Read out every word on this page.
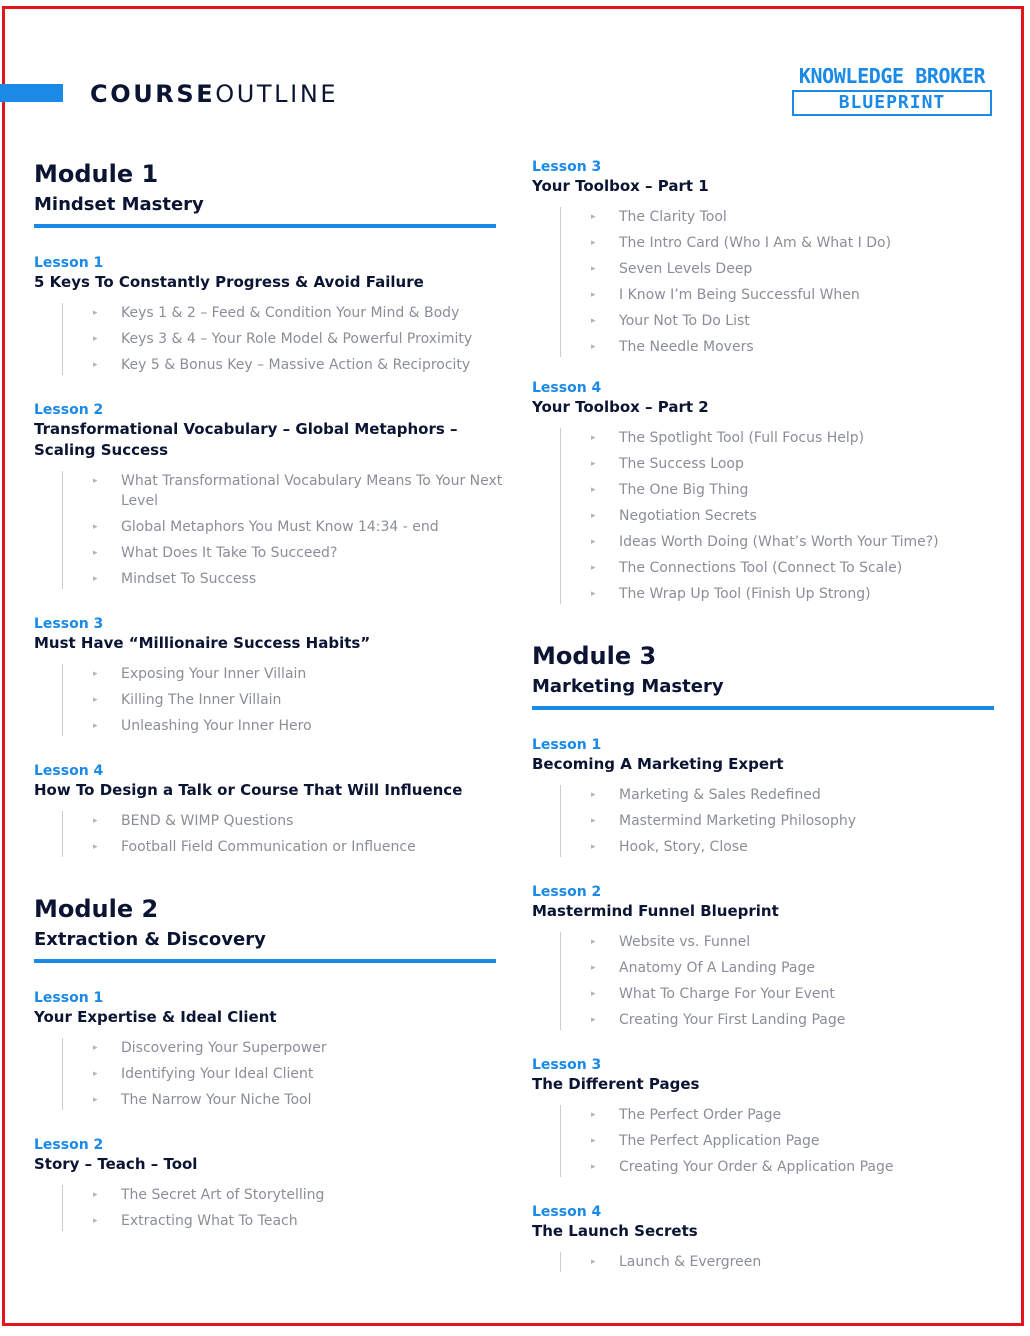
COURSEOUTLINE
KNOWLEDGE BROKER
BLUEPRINT
Module 1
Mindset Mastery
Lesson 1
5 Keys To Constantly Progress & Avoid Failure
▸ Keys 1 & 2 – Feed & Condition Your Mind & Body
▸ Keys 3 & 4 – Your Role Model & Powerful Proximity
▸ Key 5 & Bonus Key – Massive Action & Reciprocity
Lesson 2
Transformational Vocabulary – Global Metaphors – Scaling Success
▸ What Transformational Vocabulary Means To Your Next Level
▸ Global Metaphors You Must Know 14:34 - end
▸ What Does It Take To Succeed?
▸ Mindset To Success
Lesson 3
Must Have “Millionaire Success Habits”
▸ Exposing Your Inner Villain
▸ Killing The Inner Villain
▸ Unleashing Your Inner Hero
Lesson 4
How To Design a Talk or Course That Will Influence
▸ BEND & WIMP Questions
▸ Football Field Communication or Influence
Module 2
Extraction & Discovery
Lesson 1
Your Expertise & Ideal Client
▸ Discovering Your Superpower
▸ Identifying Your Ideal Client
▸ The Narrow Your Niche Tool
Lesson 2
Story – Teach – Tool
▸ The Secret Art of Storytelling
▸ Extracting What To Teach
Lesson 3
Your Toolbox – Part 1
▸ The Clarity Tool
▸ The Intro Card (Who I Am & What I Do)
▸ Seven Levels Deep
▸ I Know I’m Being Successful When
▸ Your Not To Do List
▸ The Needle Movers
Lesson 4
Your Toolbox – Part 2
▸ The Spotlight Tool (Full Focus Help)
▸ The Success Loop
▸ The One Big Thing
▸ Negotiation Secrets
▸ Ideas Worth Doing (What’s Worth Your Time?)
▸ The Connections Tool (Connect To Scale)
▸ The Wrap Up Tool (Finish Up Strong)
Module 3
Marketing Mastery
Lesson 1
Becoming A Marketing Expert
▸ Marketing & Sales Redefined
▸ Mastermind Marketing Philosophy
▸ Hook, Story, Close
Lesson 2
Mastermind Funnel Blueprint
▸ Website vs. Funnel
▸ Anatomy Of A Landing Page
▸ What To Charge For Your Event
▸ Creating Your First Landing Page
Lesson 3
The Different Pages
▸ The Perfect Order Page
▸ The Perfect Application Page
▸ Creating Your Order & Application Page
Lesson 4
The Launch Secrets
▸ Launch & Evergreen
